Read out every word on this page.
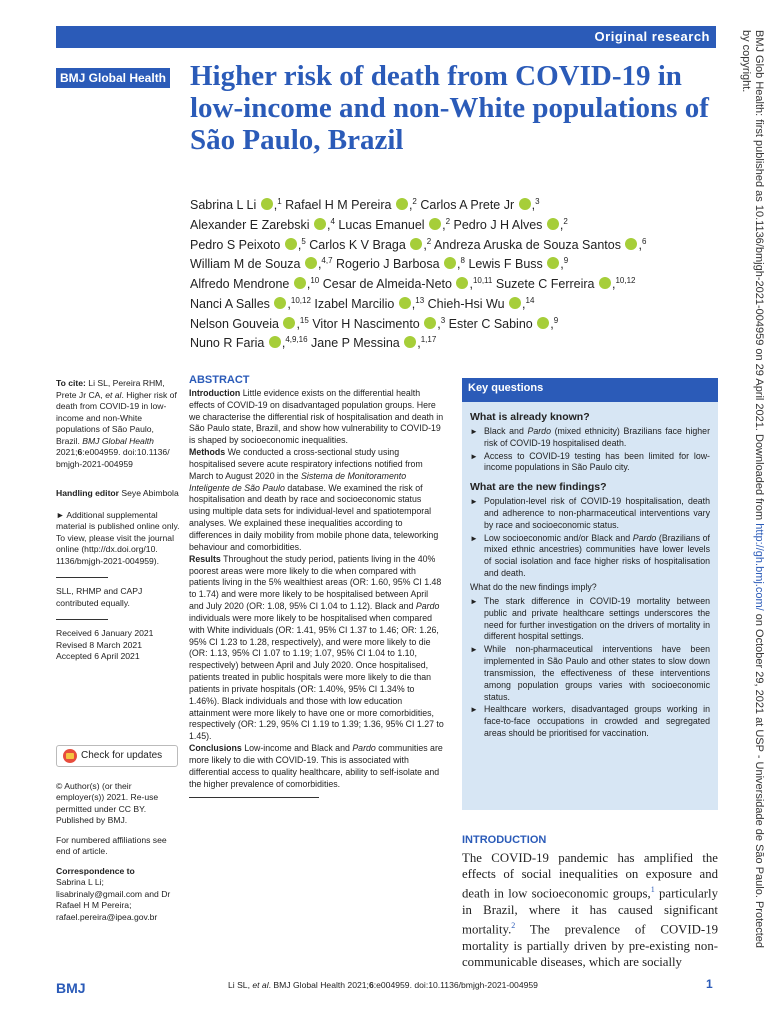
Original research
BMJ Global Health Higher risk of death from COVID-19 in low-income and non-White populations of São Paulo, Brazil
Sabrina L Li ,$^1$ Rafael H M Pereira ,$^2$ Carlos A Prete Jr ,$^3$
Alexander E Zarebski ,$^4$ Lucas Emanuel ,$^2$ Pedro J H Alves ,$^2$
Pedro S Peixoto ,$^5$ Carlos K V Braga ,$^2$ Andreza Aruska de Souza Santos ,$^6$
William M de Souza ,$^{4,7}$ Rogerio J Barbosa ,$^8$ Lewis F Buss ,$^9$
Alfredo Mendrone ,$^{10}$ Cesar de Almeida-Neto ,$^{10,11}$ Suzete C Ferreira ,$^{10,12}$
Nanci A Salles ,$^{10,12}$ Izabel Marcilio ,$^{13}$ Chieh-Hsi Wu ,$^{14}$
Nelson Gouveia ,$^{15}$ Vitor H Nascimento ,$^3$ Ester C Sabino ,$^9$
Nuno R Faria ,$^{4,9,16}$ Jane P Messina ,$^{1,17}$	BMJ Glob Health: first published as 10.1136/bmjgh-2021-004959 on 29 April 2021. Downloaded from http://gh.bmj.com/ on October 29, 2021 at USP - Universidade de São Paulo. Protected
by copyright.

To cite: Li SL, Pereira RHM, Prete Jr CA, et al. Higher risk of death from COVID-19 in low-income and non-White populations of São Paulo, Brazil. BMJ Global Health 2021;6:e004959. doi:10.1136/ bmjgh-2021-004959

Handling editor Seye Abimbola

► Additional supplemental material is published online only. To view, please visit the journal online (http://dx.doi.org/10. 1136/bmjgh-2021-004959).

SLL, RHMP and CAPJ contributed equally.

Received 6 January 2021

Revised 8 March 2021

Accepted 6 April 2021

Check for updates

© Author(s) (or their employer(s)) 2021. Re-use permitted under CC BY. Published by BMJ.

For numbered affiliations see end of article.

Correspondence to

Sabrina L Li; lisabrinaly@gmail.com and Dr Rafael H M Pereira; rafael.pereira@ipea.gov.br

ABSTRACT

Introduction Little evidence exists on the differential health effects of COVID-19 on disadvantaged population groups. Here we characterise the differential risk of hospitalisation and death in São Paulo state, Brazil, and show how vulnerability to COVID-19 is shaped by socioeconomic inequalities.

Methods We conducted a cross-sectional study using hospitalised severe acute respiratory infections notified from March to August 2020 in the Sistema de Monitoramento Inteligente de São Paulo database. We examined the risk of hospitalisation and death by race and socioeconomic status using multiple data sets for individual-level and spatiotemporal analyses. We explained these inequalities according to differences in daily mobility from mobile phone data, teleworking behaviour and comorbidities.

Results Throughout the study period, patients living in the 40% poorest areas were more likely to die when compared with patients living in the 5% wealthiest areas (OR: 1.60, 95% CI 1.48 to 1.74) and were more likely to be hospitalised between April and July 2020 (OR: 1.08, 95% CI 1.04 to 1.12). Black and Pardo individuals were more likely to be hospitalised when compared with White individuals (OR: 1.41, 95% CI 1.37 to 1.46; OR: 1.26, 95% CI 1.23 to 1.28, respectively), and were more likely to die (OR: 1.13, 95% CI 1.07 to 1.19; 1.07, 95% CI 1.04 to 1.10, respectively) between April and July 2020. Once hospitalised, patients treated in public hospitals were more likely to die than patients in private hospitals (OR: 1.40%, 95% CI 1.34% to 1.46%). Black individuals and those with low education attainment were more likely to have one or more comorbidities, respectively (OR: 1.29, 95% CI 1.19 to 1.39; 1.36, 95% CI 1.27 to 1.45).

Conclusions Low-income and Black and Pardo communities are more likely to die with COVID-19. This is associated with differential access to quality healthcare, ability to self-isolate and the higher prevalence of comorbidities.

Key questions
What is already known?
► Black and Pardo (mixed ethnicity) Brazilians face higher risk of COVID-19 hospitalised death.
► Access to COVID-19 testing has been limited for low-income populations in São Paulo city.
What are the new findings?
► Population-level risk of COVID-19 hospitalisation, death and adherence to non-pharmaceutical interventions vary by race and socioeconomic status.
► Low socioeconomic and/or Black and Pardo (Brazilians of mixed ethnic ancestries) communities have lower levels of social isolation and face higher risks of hospitalisation and death.
What do the new findings imply?
► The stark difference in COVID-19 mortality between public and private healthcare settings underscores the need for further investigation on the drivers of mortality in different hospital settings.
► While non-pharmaceutical interventions have been implemented in São Paulo and other states to slow down transmission, the effectiveness of these interventions among population groups varies with socioeconomic status.
► Healthcare workers, disadvantaged groups working in face-to-face occupations in crowded and segregated areas should be prioritised for vaccination.
INTRODUCTION

The COVID-19 pandemic has amplified the effects of social inequalities on exposure and death in low socioeconomic groups,$^1$ particularly in Brazil, where it has caused significant mortality.$^2$ The prevalence of COVID-19 mortality is partially driven by pre-existing non-communicable diseases, which are socially

BMJ	Li SL, et al. BMJ Global Health 2021;6:e004959. doi:10.1136/bmjgh-2021-004959	1
